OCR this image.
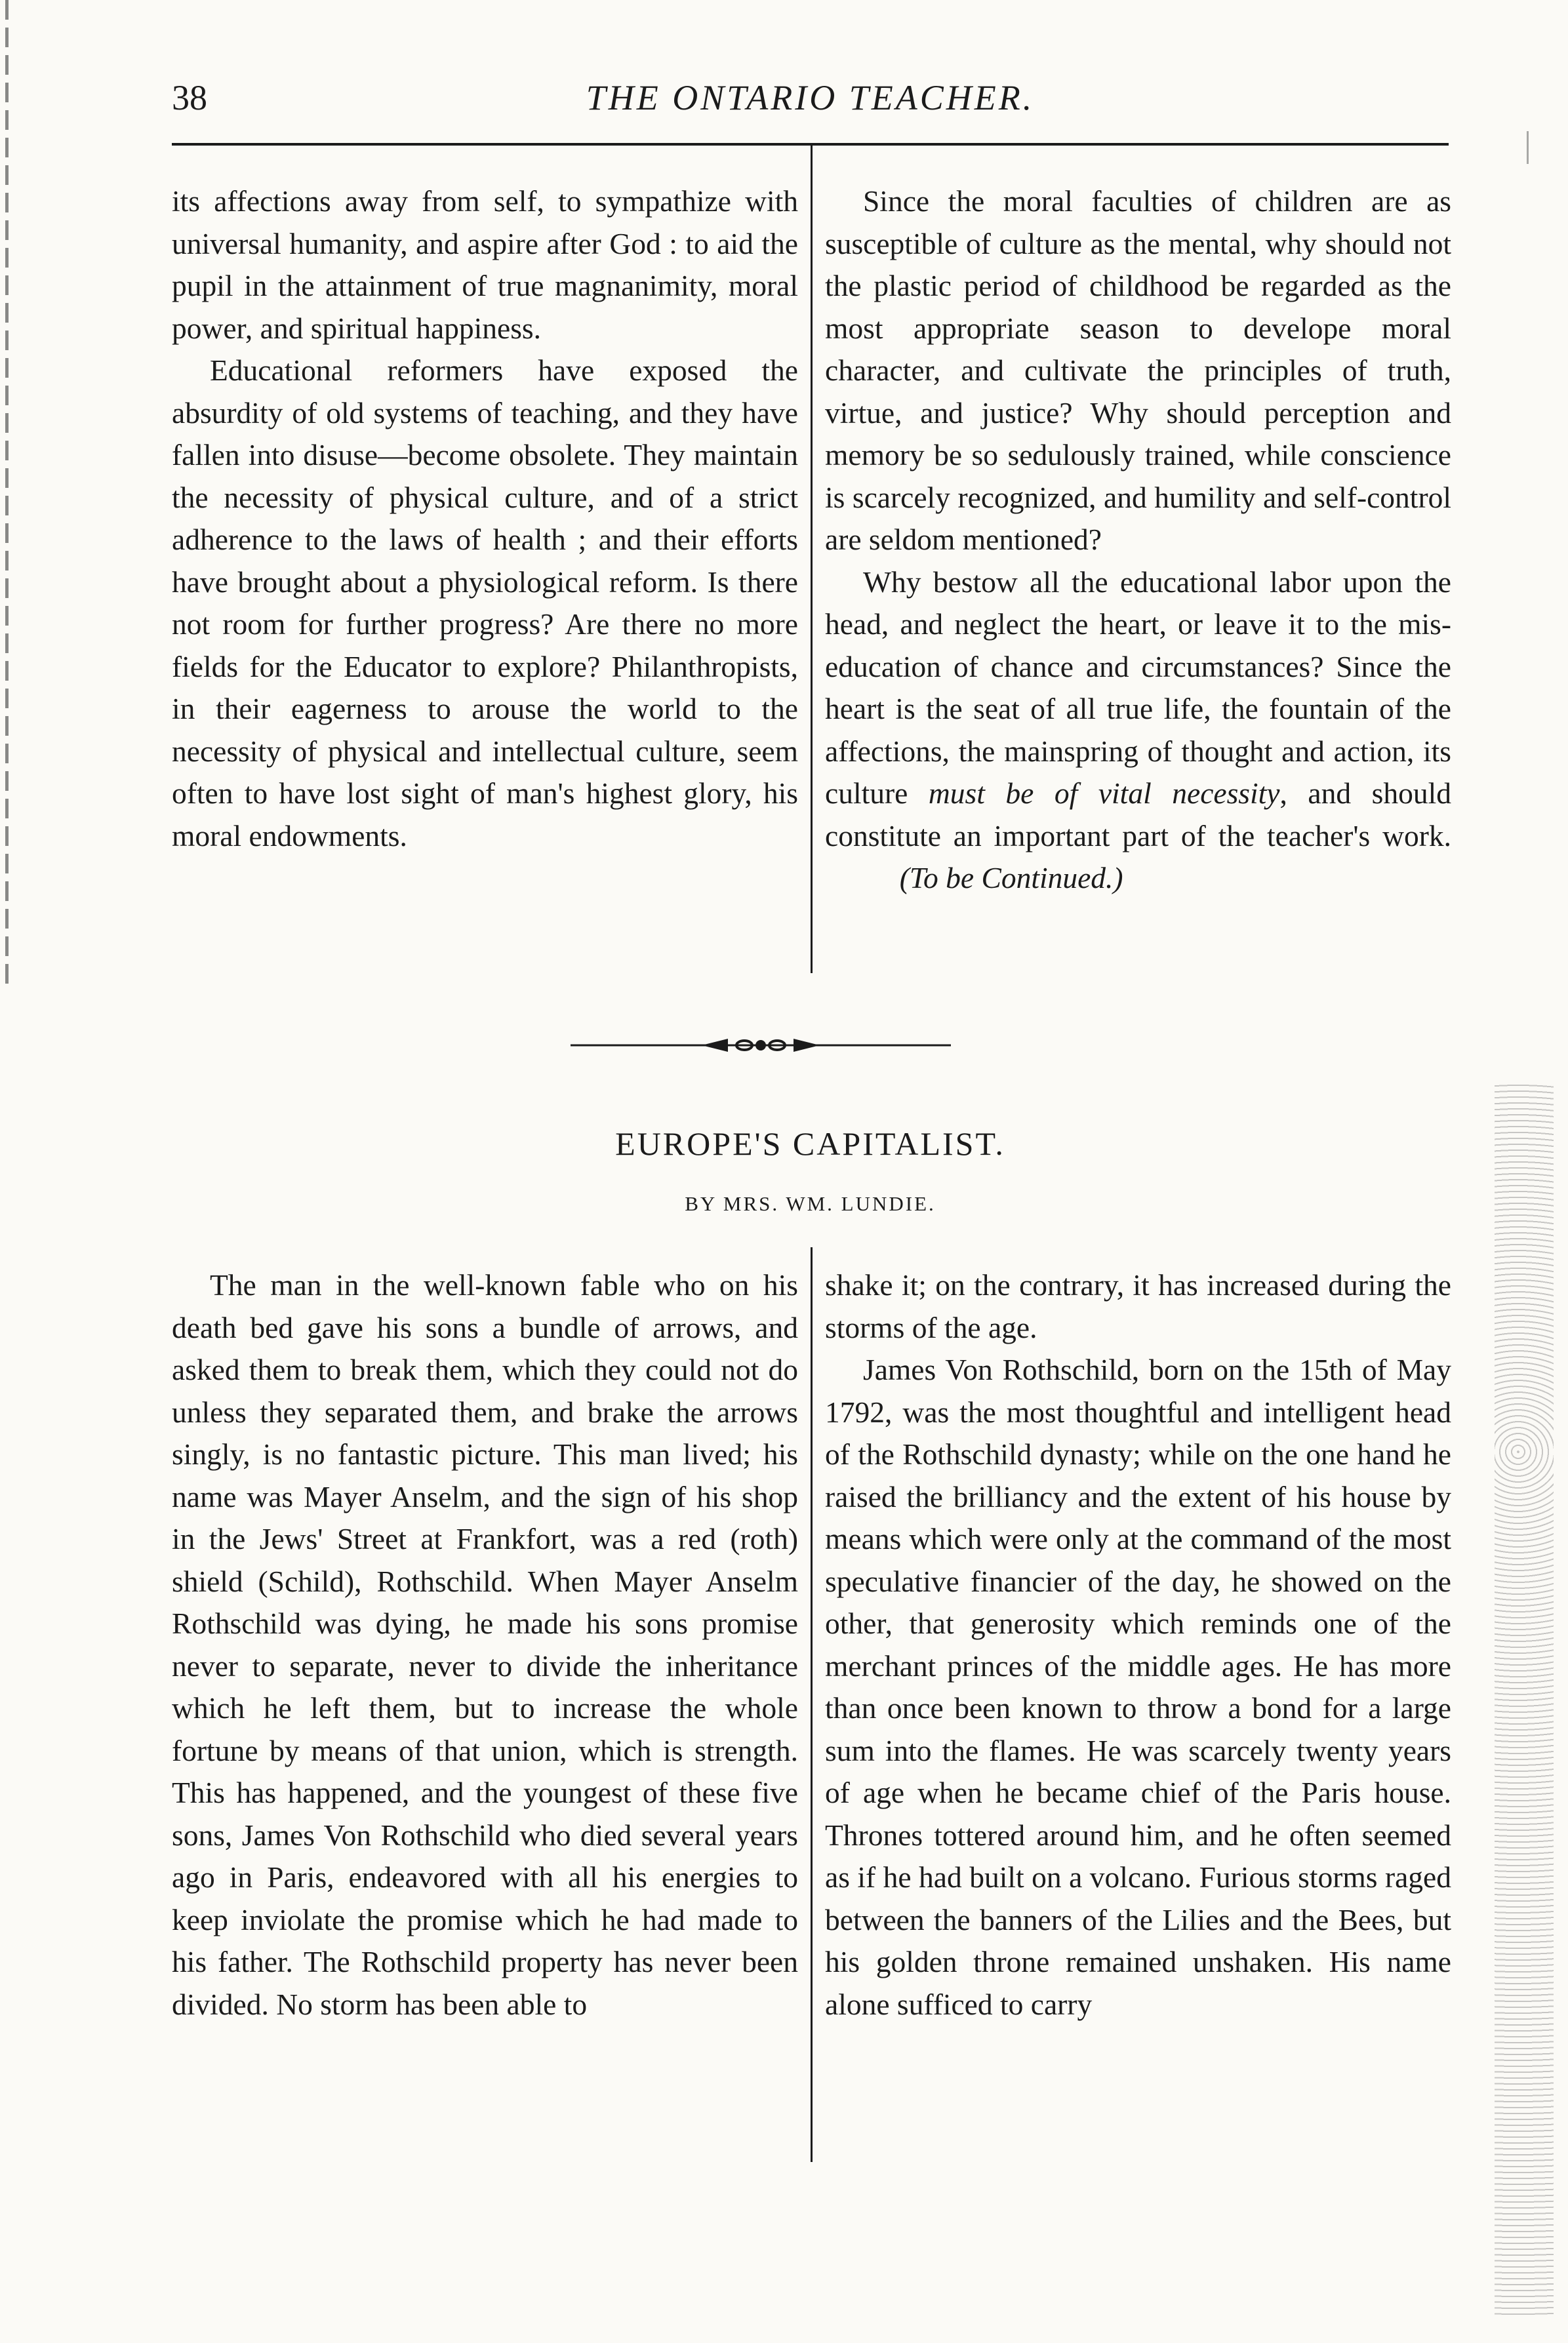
38	THE ONTARIO TEACHER.

its affections away from self, to sympathize with universal humanity, and aspire after God : to aid the pupil in the attainment of true magnanimity, moral power, and spiritual happiness.

Educational reformers have exposed the absurdity of old systems of teaching, and they have fallen into disuse—become obsolete. They maintain the necessity of physical culture, and of a strict adherence to the laws of health ; and their efforts have brought about a physiological reform. Is there not room for further progress? Are there no more fields for the Educator to explore? Philanthropists, in their eagerness to arouse the world to the necessity of physical and intellectual culture, seem often to have lost sight of man's highest glory, his moral endowments.

Since the moral faculties of children are as susceptible of culture as the mental, why should not the plastic period of childhood be regarded as the most appropriate season to develope moral character, and cultivate the principles of truth, virtue, and justice? Why should perception and memory be so sedulously trained, while conscience is scarcely recognized, and humility and self-control are seldom mentioned?

Why bestow all the educational labor upon the head, and neglect the heart, or leave it to the mis-education of chance and circumstances? Since the heart is the seat of all true life, the fountain of the affections, the mainspring of thought and action, its culture must be of vital necessity, and should constitute an important part of the teacher's work.          (To be Continued.)

EUROPE'S CAPITALIST.
BY MRS. WM. LUNDIE.

The man in the well-known fable who on his death bed gave his sons a bundle of arrows, and asked them to break them, which they could not do unless they separated them, and brake the arrows singly, is no fantastic picture. This man lived; his name was Mayer Anselm, and the sign of his shop in the Jews' Street at Frankfort, was a red (roth) shield (Schild), Rothschild. When Mayer Anselm Rothschild was dying, he made his sons promise never to separate, never to divide the inheritance which he left them, but to increase the whole fortune by means of that union, which is strength. This has happened, and the youngest of these five sons, James Von Rothschild who died several years ago in Paris, endeavored with all his energies to keep inviolate the promise which he had made to his father. The Rothschild property has never been divided. No storm has been able to

shake it; on the contrary, it has increased during the storms of the age.

James Von Rothschild, born on the 15th of May 1792, was the most thoughtful and intelligent head of the Rothschild dynasty; while on the one hand he raised the brilliancy and the extent of his house by means which were only at the command of the most speculative financier of the day, he showed on the other, that generosity which reminds one of the merchant princes of the middle ages. He has more than once been known to throw a bond for a large sum into the flames. He was scarcely twenty years of age when he became chief of the Paris house. Thrones tottered around him, and he often seemed as if he had built on a volcano. Furious storms raged between the banners of the Lilies and the Bees, but his golden throne remained unshaken. His name alone sufficed to carry
